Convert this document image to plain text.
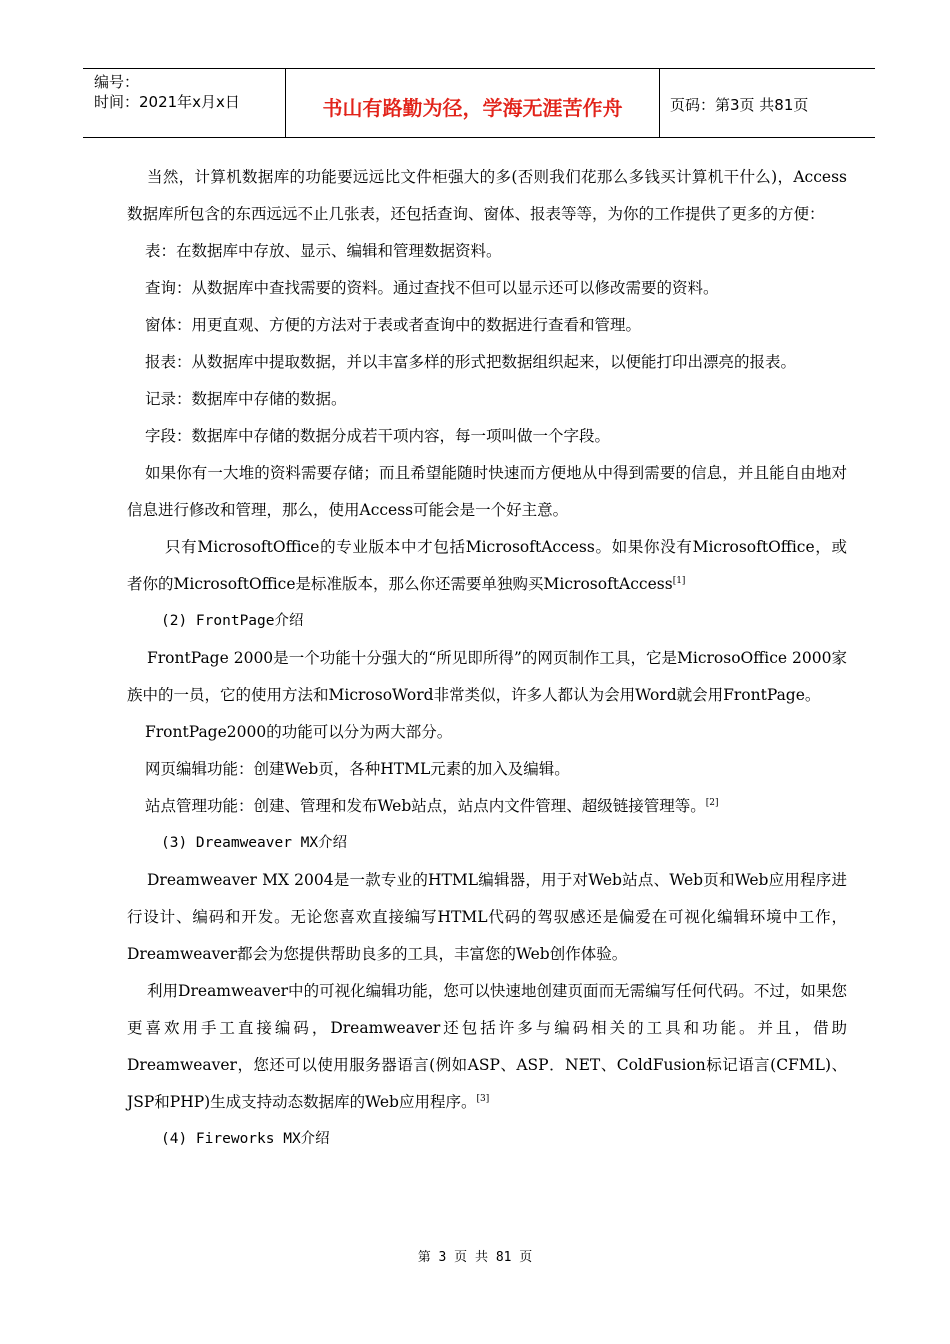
编号：
时间：2021年x月x日	书山有路勤为径，学海无涯苦作舟	页码：第3页 共81页

当然，计算机数据库的功能要远远比文件柜强大的多(否则我们花那么多钱买计算机干什么)，Access数据库所包含的东西远远不止几张表，还包括查询、窗体、报表等等，为你的工作提供了更多的方便：

表：在数据库中存放、显示、编辑和管理数据资料。

查询：从数据库中查找需要的资料。通过查找不但可以显示还可以修改需要的资料。

窗体：用更直观、方便的方法对于表或者查询中的数据进行查看和管理。

报表：从数据库中提取数据，并以丰富多样的形式把数据组织起来，以便能打印出漂亮的报表。

记录：数据库中存储的数据。

字段：数据库中存储的数据分成若干项内容，每一项叫做一个字段。

如果你有一大堆的资料需要存储；而且希望能随时快速而方便地从中得到需要的信息，并且能自由地对信息进行修改和管理，那么，使用Access可能会是一个好主意。

只有MicrosoftOffice的专业版本中才包括MicrosoftAccess。如果你没有MicrosoftOffice，或者你的MicrosoftOffice是标准版本，那么你还需要单独购买MicrosoftAccess[1]

(2) FrontPage介绍

FrontPage 2000是一个功能十分强大的“所见即所得”的网页制作工具，它是MicrosoOffice 2000家族中的一员，它的使用方法和MicrosoWord非常类似，许多人都认为会用Word就会用FrontPage。

FrontPage2000的功能可以分为两大部分。

网页编辑功能：创建Web页，各种HTML元素的加入及编辑。

站点管理功能：创建、管理和发布Web站点，站点内文件管理、超级链接管理等。[2]

(3) Dreamweaver MX介绍

Dreamweaver MX 2004是一款专业的HTML编辑器，用于对Web站点、Web页和Web应用程序进行设计、编码和开发。无论您喜欢直接编写HTML代码的驾驭感还是偏爱在可视化编辑环境中工作，Dreamweaver都会为您提供帮助良多的工具，丰富您的Web创作体验。

利用Dreamweaver中的可视化编辑功能，您可以快速地创建页面而无需编写任何代码。不过，如果您更喜欢用手工直接编码，Dreamweaver还包括许多与编码相关的工具和功能。并且，借助Dreamweaver，您还可以使用服务器语言(例如ASP、ASP．NET、ColdFusion标记语言(CFML)、JSP和PHP)生成支持动态数据库的Web应用程序。[3]

(4) Fireworks MX介绍

第 3 页 共 81 页
